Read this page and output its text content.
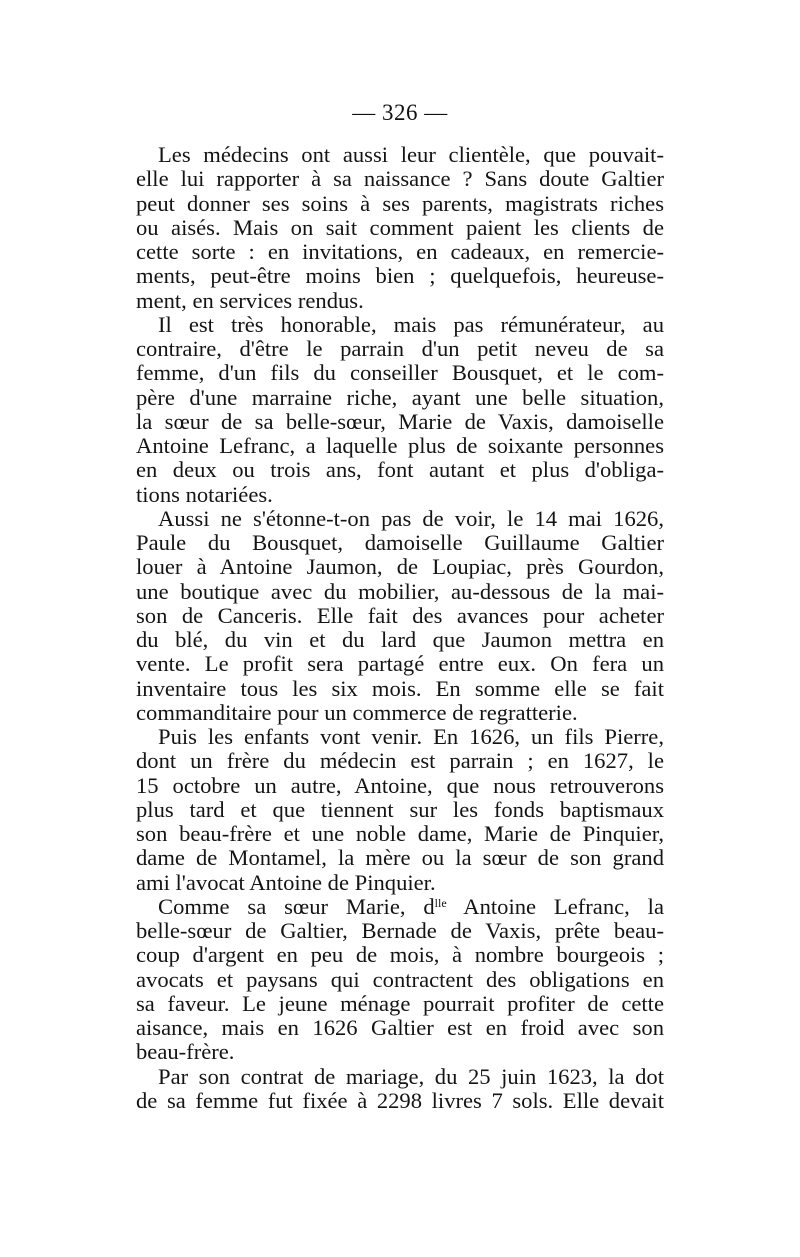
— 326 —
Les médecins ont aussi leur clientèle, que pouvait-
elle lui rapporter à sa naissance ? Sans doute Galtier
peut donner ses soins à ses parents, magistrats riches
ou aisés. Mais on sait comment paient les clients de
cette sorte : en invitations, en cadeaux, en remercie-
ments, peut-être moins bien ; quelquefois, heureuse-
ment, en services rendus.
Il est très honorable, mais pas rémunérateur, au
contraire, d'être le parrain d'un petit neveu de sa
femme, d'un fils du conseiller Bousquet, et le com-
père d'une marraine riche, ayant une belle situation,
la sœur de sa belle-sœur, Marie de Vaxis, damoiselle
Antoine Lefranc, a laquelle plus de soixante personnes
en deux ou trois ans, font autant et plus d'obliga-
tions notariées.
Aussi ne s'étonne-t-on pas de voir, le 14 mai 1626,
Paule du Bousquet, damoiselle Guillaume Galtier
louer à Antoine Jaumon, de Loupiac, près Gourdon,
une boutique avec du mobilier, au-dessous de la mai-
son de Canceris. Elle fait des avances pour acheter
du blé, du vin et du lard que Jaumon mettra en
vente. Le profit sera partagé entre eux. On fera un
inventaire tous les six mois. En somme elle se fait
commanditaire pour un commerce de regratterie.
Puis les enfants vont venir. En 1626, un fils Pierre,
dont un frère du médecin est parrain ; en 1627, le
15 octobre un autre, Antoine, que nous retrouverons
plus tard et que tiennent sur les fonds baptismaux
son beau-frère et une noble dame, Marie de Pinquier,
dame de Montamel, la mère ou la sœur de son grand
ami l'avocat Antoine de Pinquier.
Comme sa sœur Marie, $d^{lle}$ Antoine Lefranc, la
belle-sœur de Galtier, Bernade de Vaxis, prête beau-
coup d'argent en peu de mois, à nombre bourgeois ;
avocats et paysans qui contractent des obligations en
sa faveur. Le jeune ménage pourrait profiter de cette
aisance, mais en 1626 Galtier est en froid avec son
beau-frère.
Par son contrat de mariage, du 25 juin 1623, la dot
de sa femme fut fixée à 2298 livres 7 sols. Elle devait
